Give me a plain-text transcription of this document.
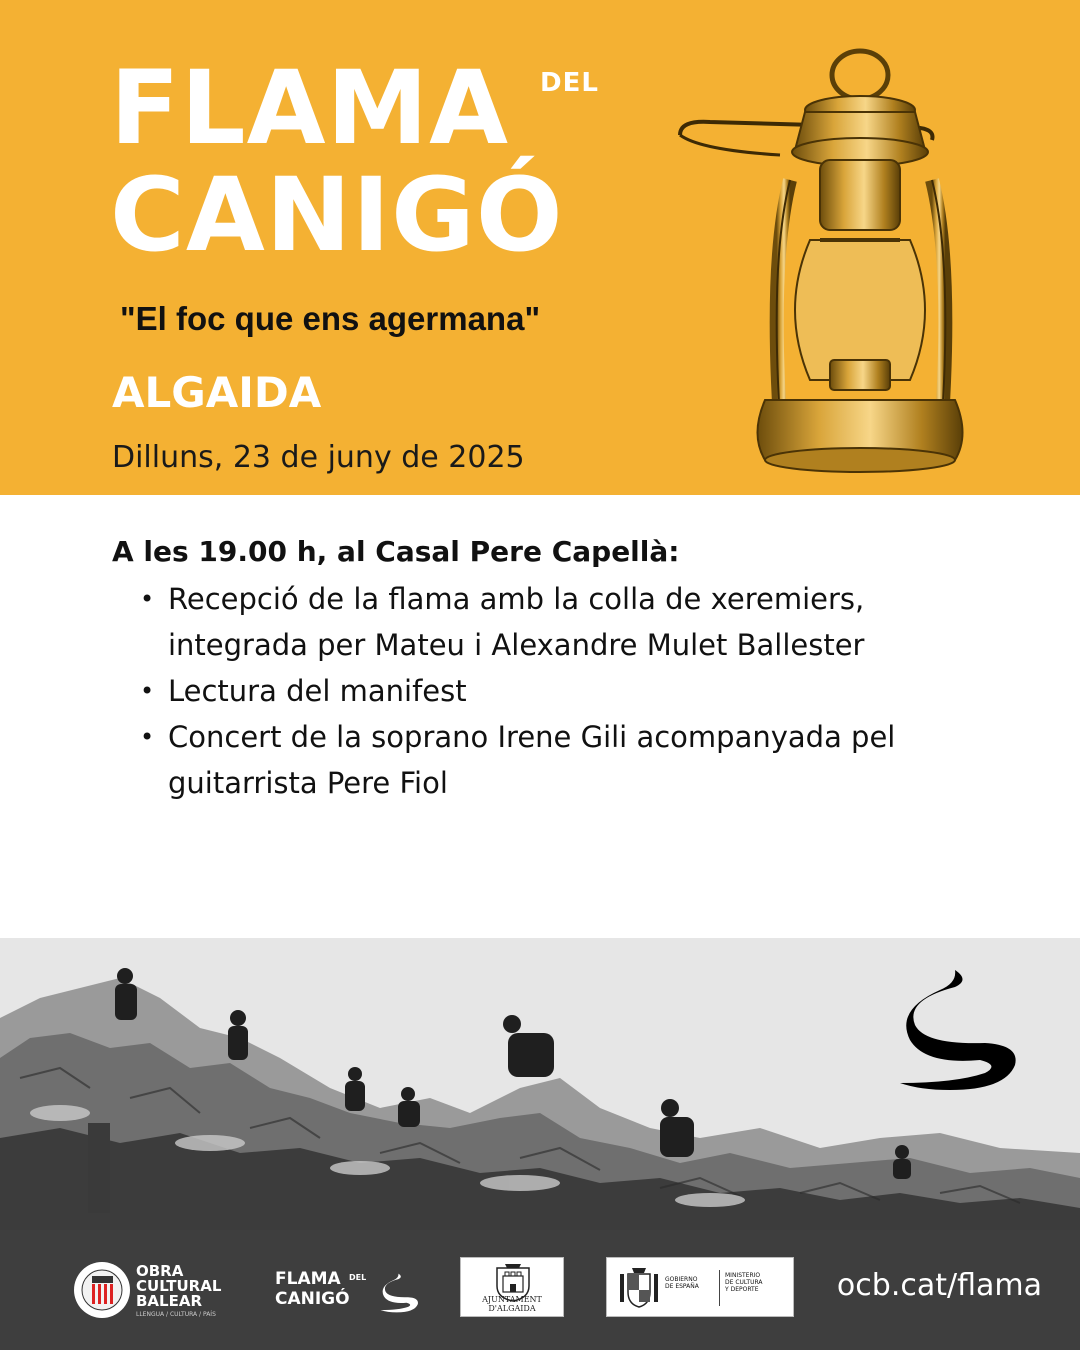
FLAMA DEL
CANIGÓ
"El foc que ens agermana"
ALGAIDA
Dilluns, 23 de juny de 2025
A les 19.00 h, al Casal Pere Capellà:
• Recepció de la flama amb la colla de xeremiers,
integrada per Mateu i Alexandre Mulet Ballester
• Lectura del manifest
• Concert de la soprano Irene Gili acompanyada pel
guitarrista Pere Fiol
OBRA
CULTURAL
BALEAR
LLENGUA / CULTURA / PAÍS
FLAMA DEL
CANIGÓ	AJUNTAMENT D'ALGAIDA
GOBIERNO
DE ESPAÑA
MINISTERIO
DE CULTURA
Y DEPORTE	ocb.cat/flama
